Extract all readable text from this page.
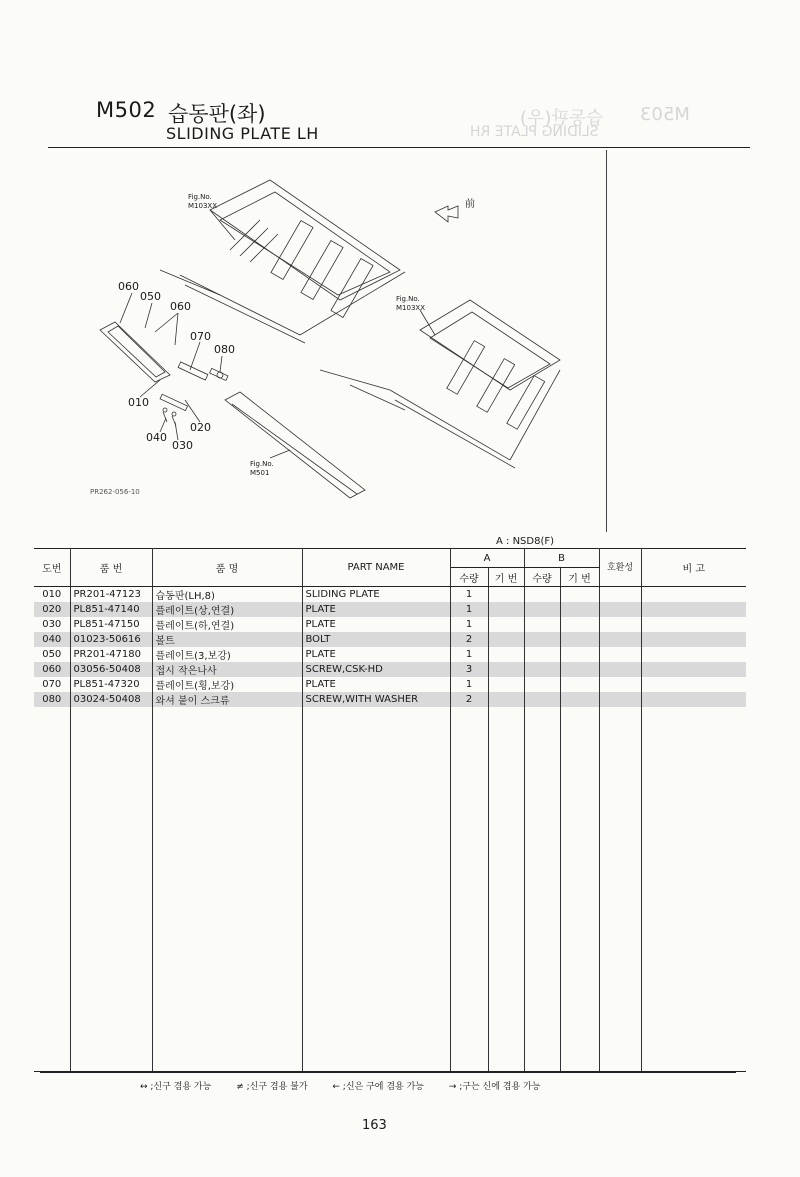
습동판(우) M503
SLIDING PLATE RH
M502 습동판(좌)
SLIDING PLATE LH
Fig.No.
M103XX
Fig.No.
M103XX
Fig.No.
M501
前
060
050
060
070
080
010
020
040
030
PR262-056-10
A : NSD8(F)
도번	품 번	품 명	PART NAME	A		B		호환성	비 고
				수량	기 번	수량	기 번		
010	PR201-47123	습동판(LH,8)	SLIDING PLATE	1					
020	PL851-47140	플레이트(상,연결)	PLATE	1					
030	PL851-47150	플레이트(하,연결)	PLATE	1					
040	01023-50616	볼트	BOLT	2					
050	PR201-47180	플레이트(3,보강)	PLATE	1					
060	03056-50408	접시 작은나사	SCREW,CSK-HD	3					
070	PL851-47320	플레이트(횡,보강)	PLATE	1					
080	03024-50408	와셔 붙이 스크류	SCREW,WITH WASHER	2					

↔ ;신구 겸용 가능	≠ ;신구 겸용 불가	← ;신은 구에 겸용 가능	→ ;구는 신에 겸용 가능
163
